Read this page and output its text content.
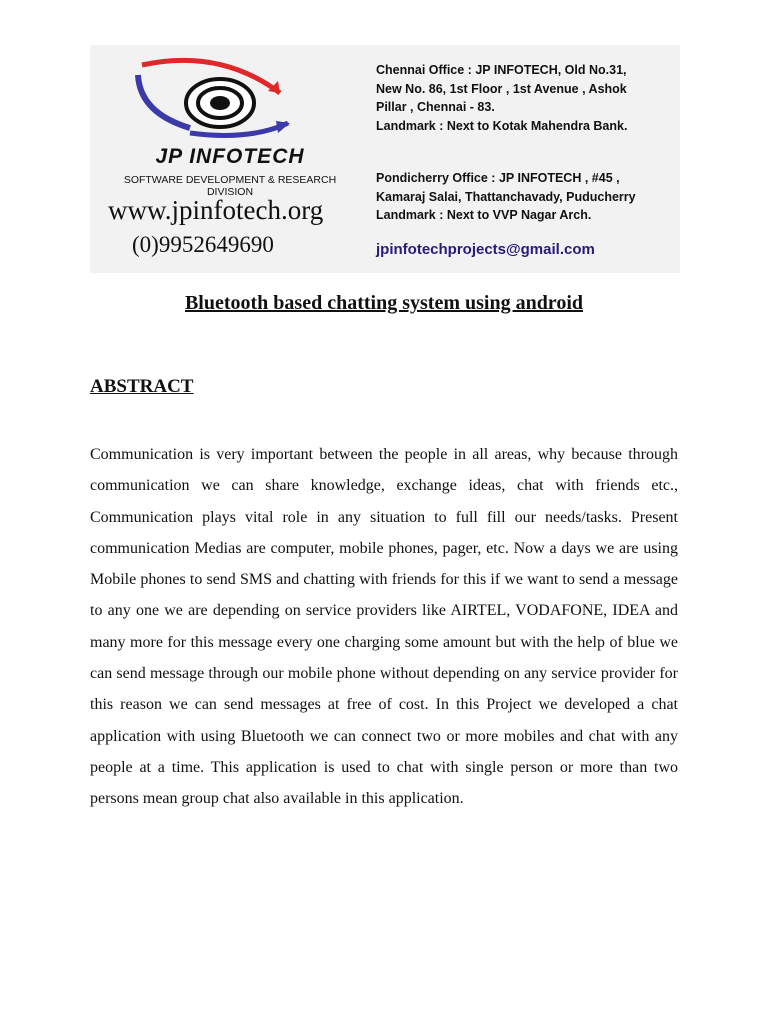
JP INFOTECH
SOFTWARE DEVELOPMENT & RESEARCH DIVISION
www.jpinfotech.org
(0)9952649690
Chennai Office : JP INFOTECH, Old No.31,
New No. 86, 1st Floor , 1st Avenue , Ashok
Pillar , Chennai - 83.
Landmark : Next to Kotak Mahendra Bank.
Pondicherry Office : JP INFOTECH , #45 ,
Kamaraj Salai, Thattanchavady, Puducherry
Landmark : Next to VVP Nagar Arch.
jpinfotechprojects@gmail.com
Bluetooth based chatting system using android
ABSTRACT
Communication is very important between the people in all areas, why because through communication we can share knowledge, exchange ideas, chat with friends etc., Communication plays vital role in any situation to full fill our needs/tasks. Present communication Medias are computer, mobile phones, pager, etc. Now a days we are using Mobile phones to send SMS and chatting with friends for this if we want to send a message to any one we are depending on service providers like AIRTEL, VODAFONE, IDEA and many more for this message every one charging some amount but with the help of blue we can send message through our mobile phone without depending on any service provider for this reason we can send messages at free of cost. In this Project we developed a chat application with using Bluetooth we can connect two or more mobiles and chat with any people at a time. This application is used to chat with single person or more than two persons mean group chat also available in this application.
